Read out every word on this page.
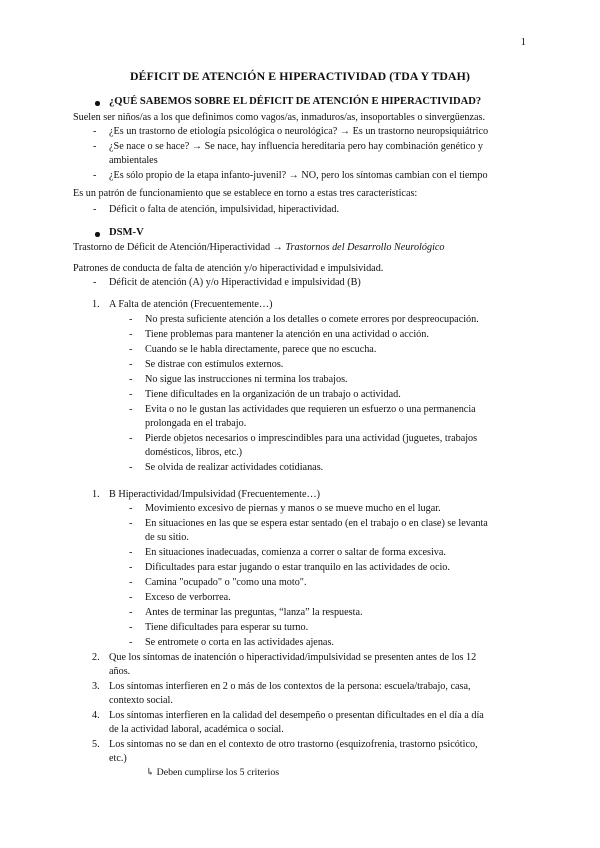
1
DÉFICIT DE ATENCIÓN E HIPERACTIVIDAD (TDA Y TDAH)
¿QUÉ SABEMOS SOBRE EL DÉFICIT DE ATENCIÓN E HIPERACTIVIDAD?
Suelen ser niños/as a los que definimos como vagos/as, inmaduros/as, insoportables o sinvergüenzas.
- ¿Es un trastorno de etiología psicológica o neurológica? → Es un trastorno neuropsiquiátrico
- ¿Se nace o se hace? → Se nace, hay influencia hereditaria pero hay combinación genético y
ambientales
- ¿Es sólo propio de la etapa infanto-juvenil? → NO, pero los síntomas cambian con el tiempo
Es un patrón de funcionamiento que se establece en torno a estas tres características:
- Déficit o falta de atención, impulsividad, hiperactividad.
DSM-V
Trastorno de Déficit de Atención/Hiperactividad → Trastornos del Desarrollo Neurológico
Patrones de conducta de falta de atención y/o hiperactividad e impulsividad.
- Déficit de atención (A) y/o Hiperactividad e impulsividad (B)
1. A Falta de atención (Frecuentemente…)
- No presta suficiente atención a los detalles o comete errores por despreocupación.
- Tiene problemas para mantener la atención en una actividad o acción.
- Cuando se le habla directamente, parece que no escucha.
- Se distrae con estímulos externos.
- No sigue las instrucciones ni termina los trabajos.
- Tiene dificultades en la organización de un trabajo o actividad.
- Evita o no le gustan las actividades que requieren un esfuerzo o una permanencia
prolongada en el trabajo.
- Pierde objetos necesarios o imprescindibles para una actividad (juguetes, trabajos
domésticos, libros, etc.)
- Se olvida de realizar actividades cotidianas.
1. B Hiperactividad/Impulsividad (Frecuentemente…)
- Movimiento excesivo de piernas y manos o se mueve mucho en el lugar.
- En situaciones en las que se espera estar sentado (en el trabajo o en clase) se levanta
de su sitio.
- En situaciones inadecuadas, comienza a correr o saltar de forma excesiva.
- Dificultades para estar jugando o estar tranquilo en las actividades de ocio.
- Camina "ocupado" o "como una moto".
- Exceso de verborrea.
- Antes de terminar las preguntas, “lanza” la respuesta.
- Tiene dificultades para esperar su turno.
- Se entromete o corta en las actividades ajenas.
2. Que los síntomas de inatención o hiperactividad/impulsividad se presenten antes de los 12
años.
3. Los síntomas interfieren en 2 o más de los contextos de la persona: escuela/trabajo, casa,
contexto social.
4. Los síntomas interfieren en la calidad del desempeño o presentan dificultades en el día a día
de la actividad laboral, académica o social.
5. Los síntomas no se dan en el contexto de otro trastorno (esquizofrenia, trastorno psicótico,
etc.)
↳ Deben cumplirse los 5 criterios
